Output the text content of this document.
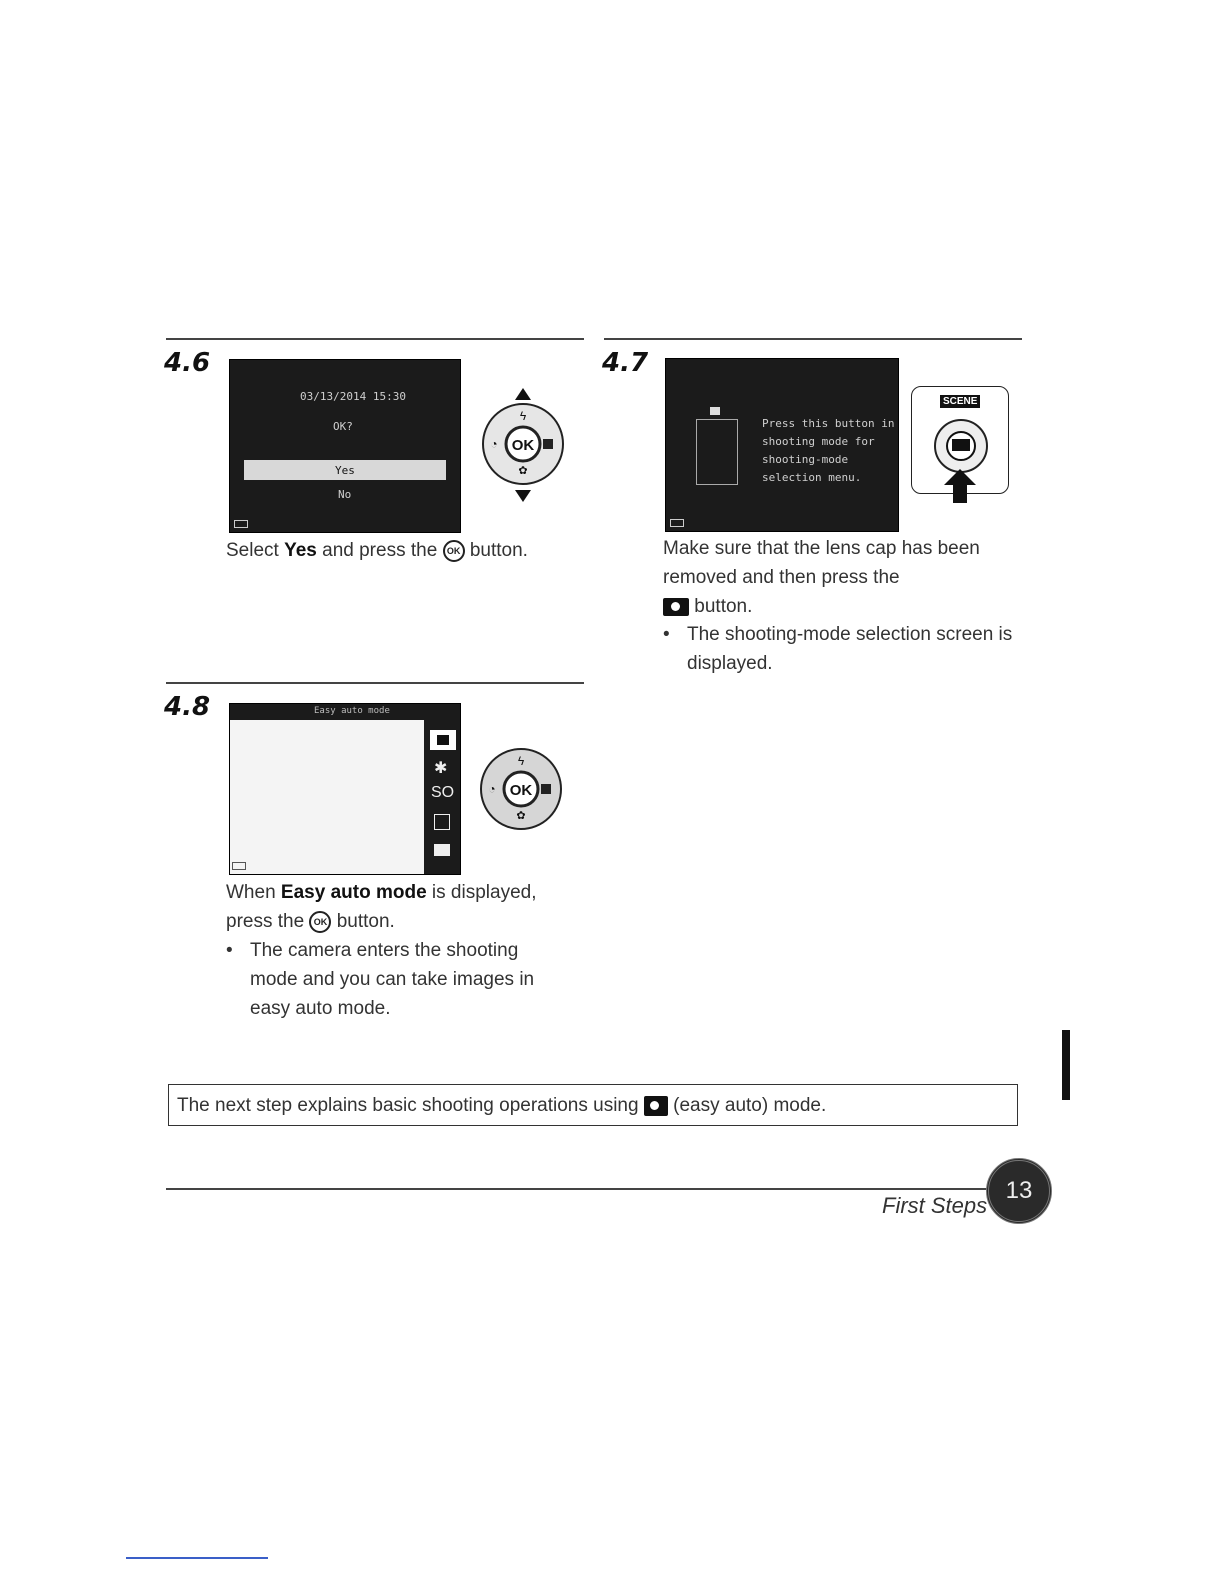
4.6
03/13/2014 15:30
OK?
Yes
No
OK
ϟ
◔
✿
Select Yes and press the OK button.
4.7
Press this button in
shooting mode for
shooting-mode
selection menu.
SCENE
Make sure that the lens cap has been
removed and then press the
button.
• The shooting-mode selection screen is displayed.
4.8	Easy auto mode
✱
SO	OK
ϟ
◔
✿
When Easy auto mode is displayed,
press the OK button.
• The camera enters the shooting mode and you can take images in easy auto mode.
The next step explains basic shooting operations using  (easy auto) mode.
First Steps
13
